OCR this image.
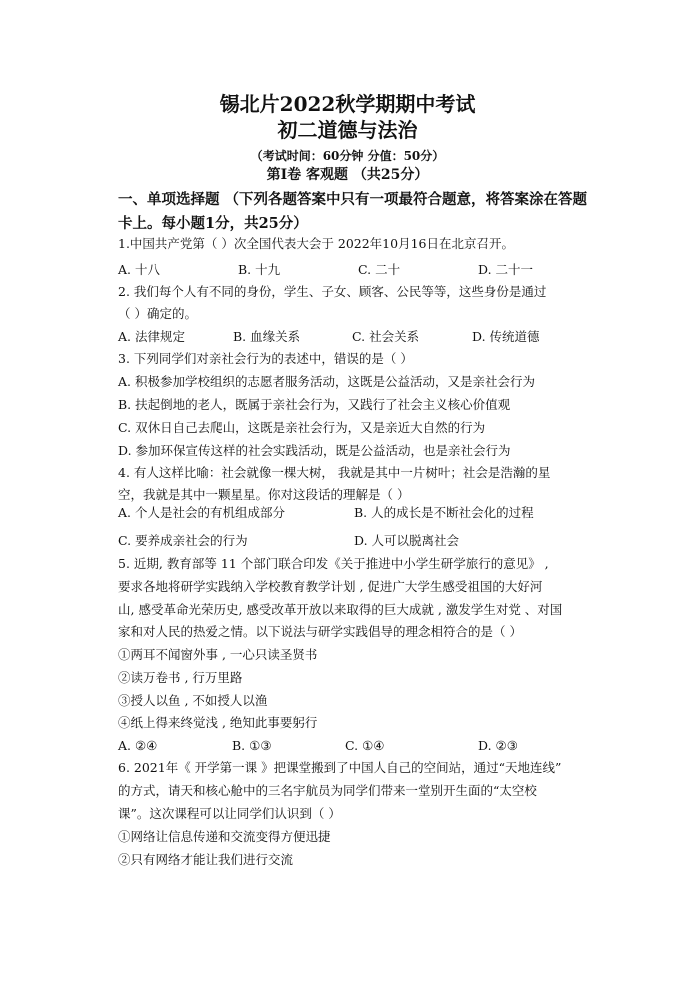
锡北片2022秋学期期中考试
初二道德与法治
（考试时间：60分钟 分值：50分）
第Ⅰ卷 客观题 （共25分）
一、单项选择题 （下列各题答案中只有一项最符合题意，将答案涂在答题卡上。每小题1分，共25分）
1.中国共产党第（ ）次全国代表大会于 2022年10月16日在北京召开。
A. 十八	B. 十九	C. 二十	D. 二十一
2. 我们每个人有不同的身份，学生、子女、顾客、公民等等，这些身份是通过
（ ）确定的。
A. 法律规定	B. 血缘关系	C. 社会关系	D. 传统道德
3. 下列同学们对亲社会行为的表述中，错误的是（ ）
A. 积极参加学校组织的志愿者服务活动，这既是公益活动，又是亲社会行为
B. 扶起倒地的老人，既属于亲社会行为，又践行了社会主义核心价值观
C. 双休日自己去爬山，这既是亲社会行为，又是亲近大自然的行为
D. 参加环保宣传这样的社会实践活动，既是公益活动，也是亲社会行为
4. 有人这样比喻：社会就像一棵大树， 我就是其中一片树叶；社会是浩瀚的星
空，我就是其中一颗星星。你对这段话的理解是（ ）
A. 个人是社会的有机组成部分	B. 人的成长是不断社会化的过程
C. 要养成亲社会的行为	D. 人可以脱离社会
5. 近期, 教育部等 11 个部门联合印发《关于推进中小学生研学旅行的意见》 ,
要求各地将研学实践纳入学校教育教学计划 , 促进广大学生感受祖国的大好河
山, 感受革命光荣历史, 感受改革开放以来取得的巨大成就 , 激发学生对党 、对国
家和对人民的热爱之情。以下说法与研学实践倡导的理念相符合的是（ ）
①两耳不闻窗外事 , 一心只读圣贤书
②读万卷书 , 行万里路
③授人以鱼 , 不如授人以渔
④纸上得来终觉浅 , 绝知此事要躬行
A. ②④	B. ①③	C. ①④	D. ②③
6. 2021年《 开学第一课 》把课堂搬到了中国人自己的空间站，通过“天地连线”
的方式，请天和核心舱中的三名宇航员为同学们带来一堂别开生面的“太空校
课”。这次课程可以让同学们认识到（ ）
①网络让信息传递和交流变得方便迅捷
②只有网络才能让我们进行交流
